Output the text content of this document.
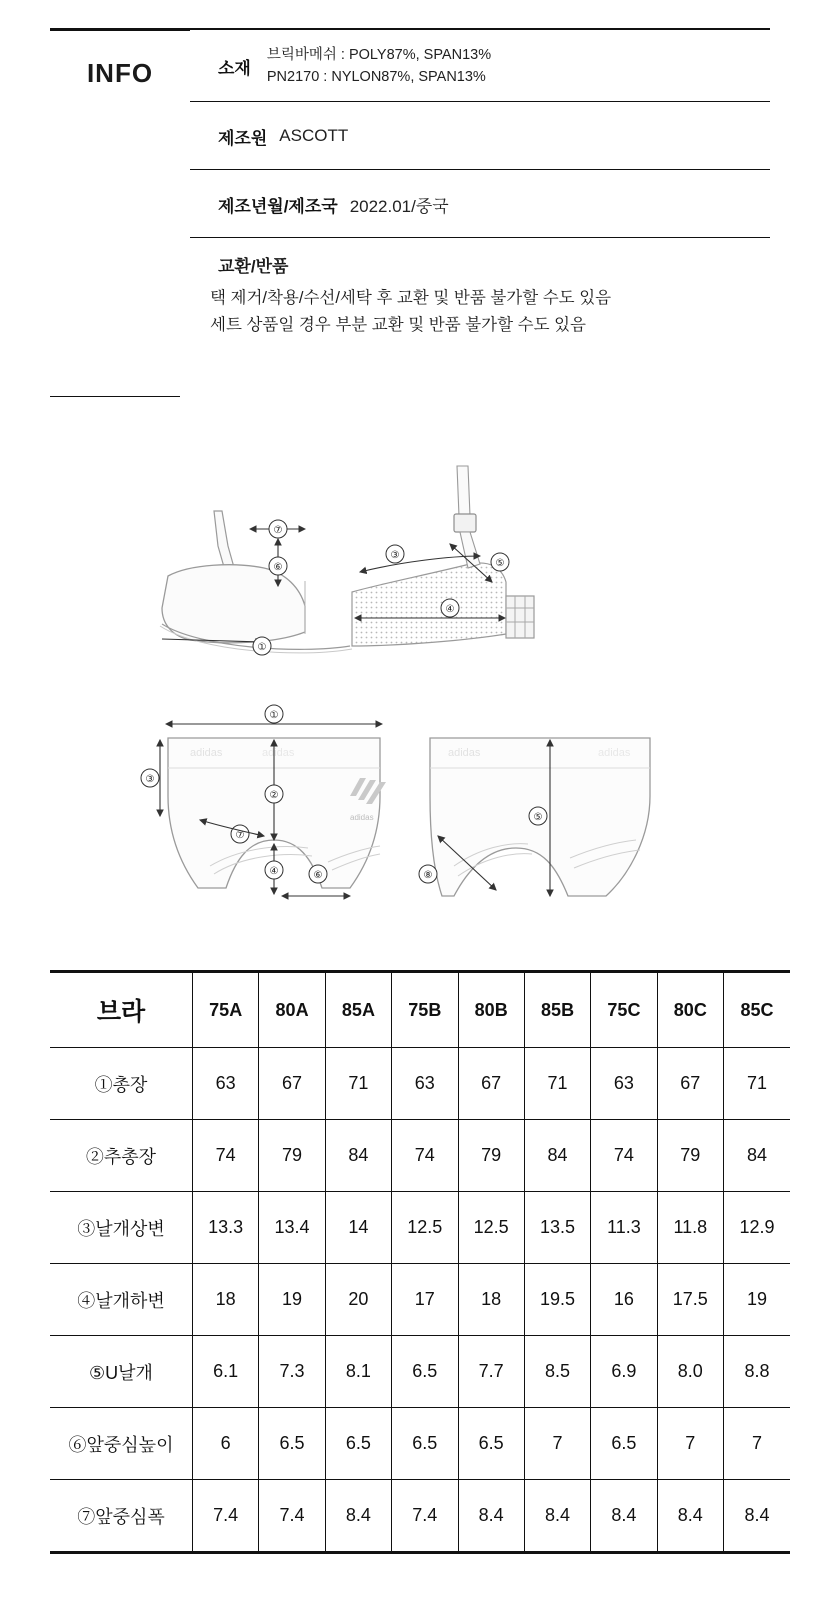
INFO	소재
브릭바메쉬 : POLY87%, SPAN13%
PN2170 : NYLON87%, SPAN13%
제조원 ASCOTT
제조년월/제조국 2022.01/중국
교환/반품
택 제거/착용/수선/세탁 후 교환 및 반품 불가할 수도 있음
세트 상품일 경우 부분 교환 및 반품 불가할 수도 있음
⑦
⑥
①
③
⑤
④
adidas	adidas
adidas
①
③
②
⑦
④	⑥
adidas	adidas
⑤
⑧
브라	75A	80A	85A	75B	80B	85B	75C	80C	85C
①총장	63	67	71	63	67	71	63	67	71
②추총장	74	79	84	74	79	84	74	79	84
③날개상변	13.3	13.4	14	12.5	12.5	13.5	11.3	11.8	12.9
④날개하변	18	19	20	17	18	19.5	16	17.5	19
⑤U날개	6.1	7.3	8.1	6.5	7.7	8.5	6.9	8.0	8.8
⑥앞중심높이	6	6.5	6.5	6.5	6.5	7	6.5	7	7
⑦앞중심폭	7.4	7.4	8.4	7.4	8.4	8.4	8.4	8.4	8.4
